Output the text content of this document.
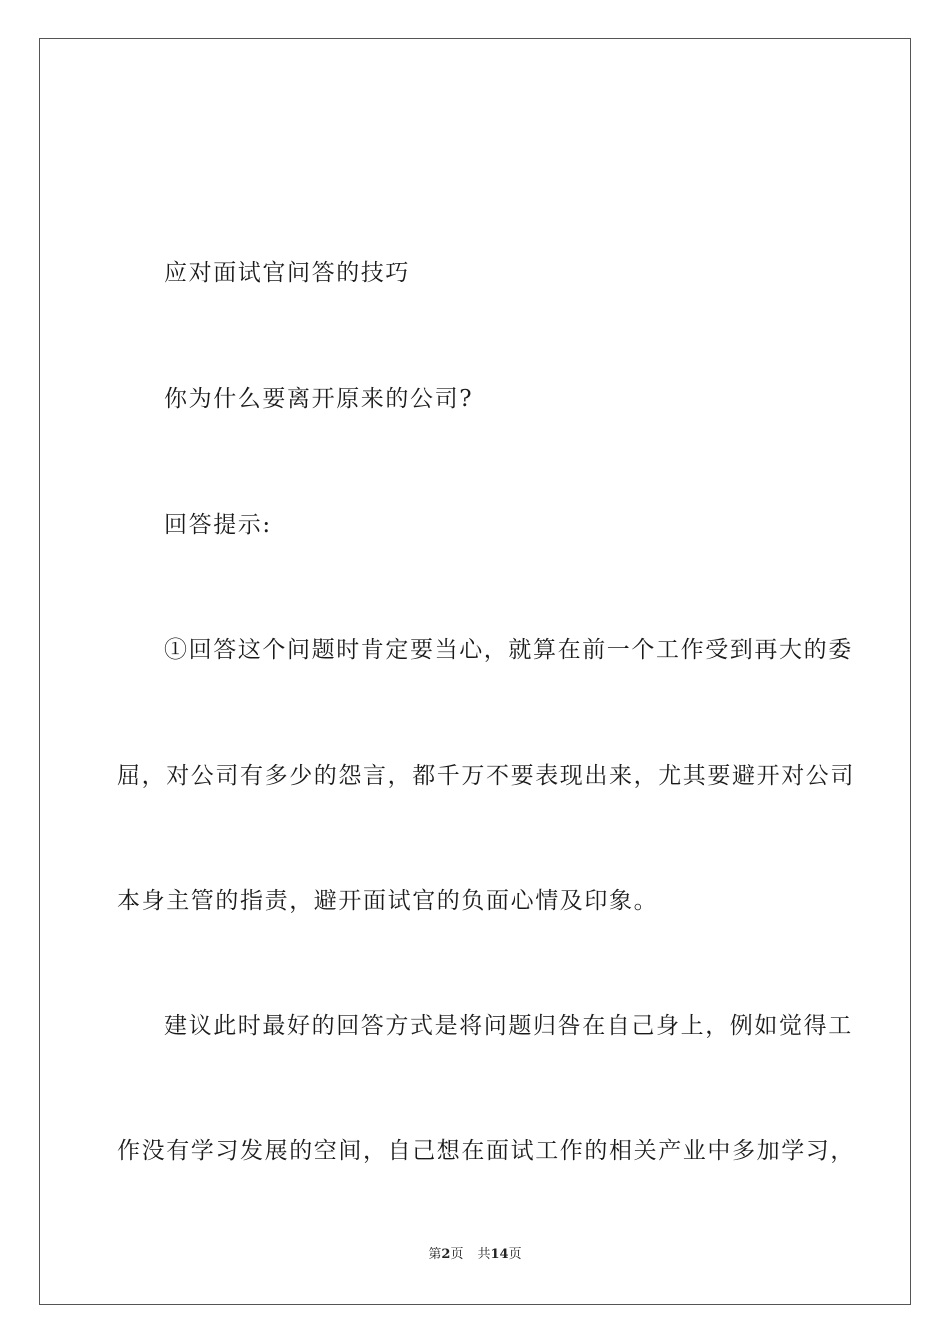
应对面试官问答的技巧
你为什么要离开原来的公司?
回答提示:
①回答这个问题时肯定要当心，就算在前一个工作受到再大的委
屈，对公司有多少的怨言，都千万不要表现出来，尤其要避开对公司
本身主管的指责，避开面试官的负面心情及印象。
建议此时最好的回答方式是将问题归咎在自己身上，例如觉得工
作没有学习发展的空间，自己想在面试工作的相关产业中多加学习，
第2页 共14页
